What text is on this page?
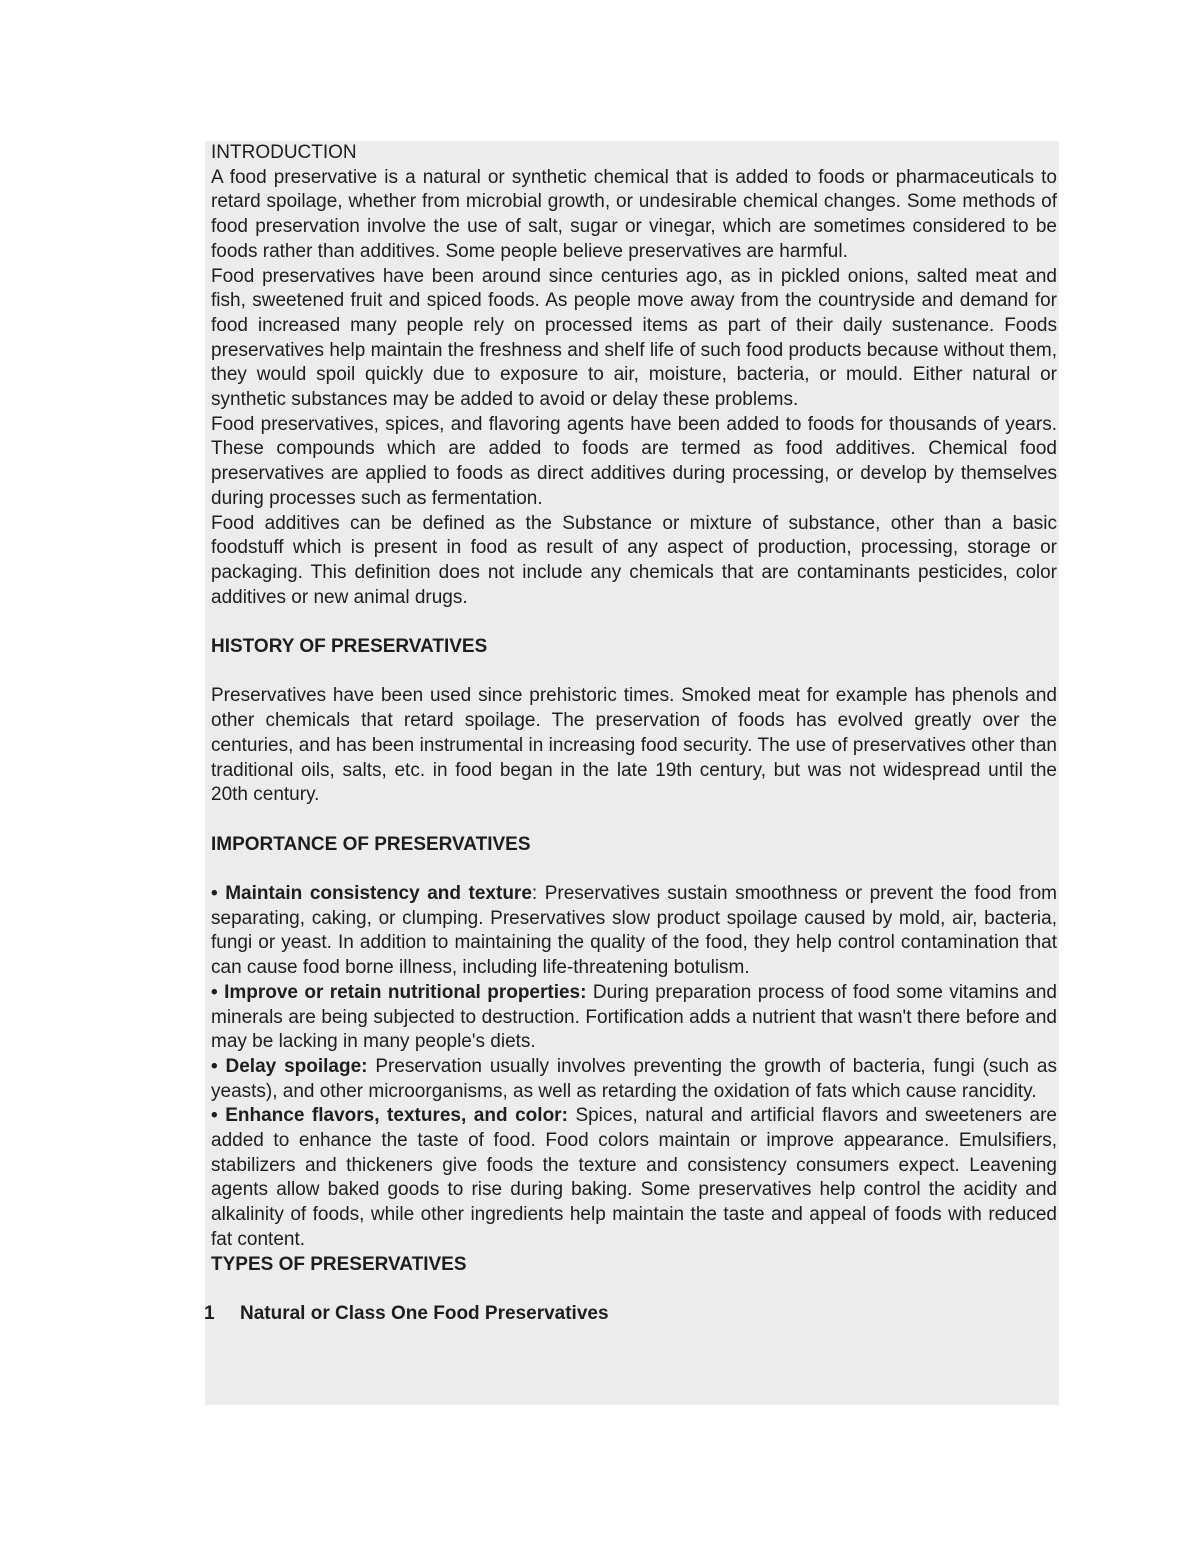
INTRODUCTION

A food preservative is a natural or synthetic chemical that is added to foods or pharmaceuticals to retard spoilage, whether from microbial growth, or undesirable chemical changes. Some methods of food preservation involve the use of salt, sugar or vinegar, which are sometimes considered to be foods rather than additives. Some people believe preservatives are harmful.

Food preservatives have been around since centuries ago, as in pickled onions, salted meat and fish, sweetened fruit and spiced foods. As people move away from the countryside and demand for food increased many people rely on processed items as part of their daily sustenance. Foods preservatives help maintain the freshness and shelf life of such food products because without them, they would spoil quickly due to exposure to air, moisture, bacteria, or mould. Either natural or synthetic substances may be added to avoid or delay these problems.

Food preservatives, spices, and flavoring agents have been added to foods for thousands of years. These compounds which are added to foods are termed as food additives. Chemical food preservatives are applied to foods as direct additives during processing, or develop by themselves during processes such as fermentation.

Food additives can be defined as the Substance or mixture of substance, other than a basic foodstuff which is present in food as result of any aspect of production, processing, storage or packaging. This definition does not include any chemicals that are contaminants pesticides, color additives or new animal drugs.

HISTORY OF PRESERVATIVES

Preservatives have been used since prehistoric times. Smoked meat for example has phenols and other chemicals that retard spoilage. The preservation of foods has evolved greatly over the centuries, and has been instrumental in increasing food security. The use of preservatives other than traditional oils, salts, etc. in food began in the late 19th century, but was not widespread until the 20th century.

IMPORTANCE OF PRESERVATIVES

• Maintain consistency and texture: Preservatives sustain smoothness or prevent the food from separating, caking, or clumping. Preservatives slow product spoilage caused by mold, air, bacteria, fungi or yeast. In addition to maintaining the quality of the food, they help control contamination that can cause food borne illness, including life-threatening botulism.

• Improve or retain nutritional properties: During preparation process of food some vitamins and minerals are being subjected to destruction. Fortification adds a nutrient that wasn't there before and may be lacking in many people's diets.

• Delay spoilage: Preservation usually involves preventing the growth of bacteria, fungi (such as yeasts), and other microorganisms, as well as retarding the oxidation of fats which cause rancidity.

• Enhance flavors, textures, and color: Spices, natural and artificial flavors and sweeteners are added to enhance the taste of food. Food colors maintain or improve appearance. Emulsifiers, stabilizers and thickeners give foods the texture and consistency consumers expect. Leavening agents allow baked goods to rise during baking. Some preservatives help control the acidity and alkalinity of foods, while other ingredients help maintain the taste and appeal of foods with reduced fat content.

TYPES OF PRESERVATIVES

1 Natural or Class One Food Preservatives
